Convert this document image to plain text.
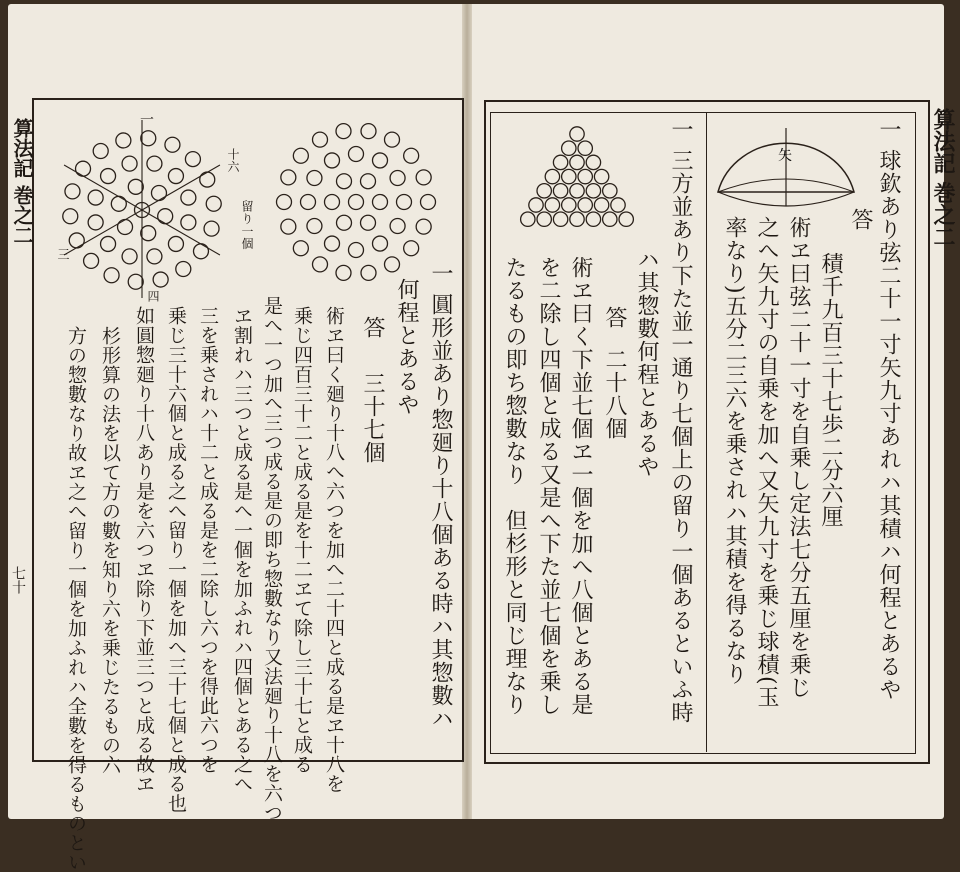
算法記 巻之二
一 球欽あり弦二十一寸矢九寸あれハ其積ハ何程とあるや
矢
答
積千九百三十七歩二分六厘
術ヱ曰弦二十一寸を自乗し定法七分五厘を乗じ
之へ矢九寸の自乗を加へ又矢九寸を乗じ球積(玉
率なり)五分二三六を乗されハ其積を得るなり
一 三方並あり下た並一通り七個上の留り一個あるといふ時
ハ其惣數何程とあるや
答
二十八個
術ヱ曰く下並七個ヱ一個を加へ八個とある是
を二除し四個と成る又是へ下た並七個を乗し
たるもの即ち惣數なり　但杉形と同じ理なり
算法記 巻之二
七十
一
十六
留り一個
三
四	一 圓形並あり惣廻り十八個ある時ハ其惣數ハ
何程とあるや
答
三十七個
術ヱ曰く廻り十八へ六つを加へ二十四と成る是ヱ十八を
乗じ四百三十二と成る是を十二ヱて除し三十七と成る
是へ一つ加へ三つ成る是の即ち惣數なり又法廻り十八を六つ
ヱ割れハ三つと成る是へ一個を加ふれハ四個とある之へ
三を乗されハ十二と成る是を二除し六つを得此六つを
乗じ三十六個と成る之へ留り一個を加へ三十七個と成る也
如圓惣廻り十八あり是を六つヱ除り下並三つと成る故ヱ
杉形算の法を以て方の數を知り六を乗じたるもの六
方の惣數なり故ヱ之へ留り一個を加ふれハ全數を得るものとい
